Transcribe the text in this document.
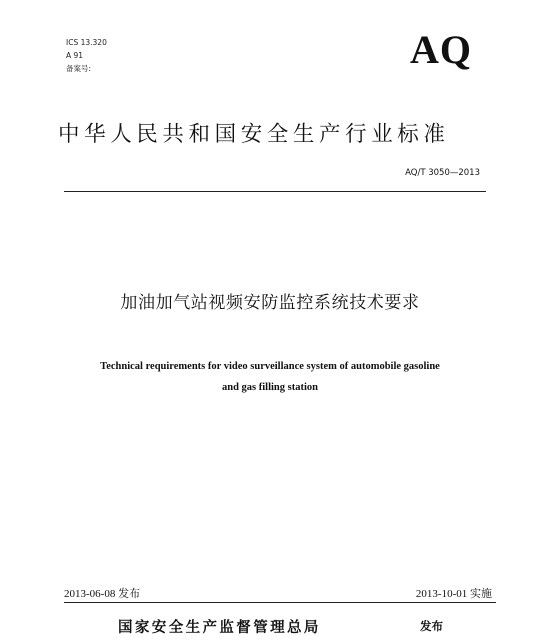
ICS 13.320
A 91
备案号:	AQ
中华人民共和国安全生产行业标准
AQ/T 3050—2013
加油加气站视频安防监控系统技术要求
Technical requirements for video surveillance system of automobile gasoline
and gas filling station
2013-06-08 发布	2013-10-01 实施
国家安全生产监督管理总局	发布
